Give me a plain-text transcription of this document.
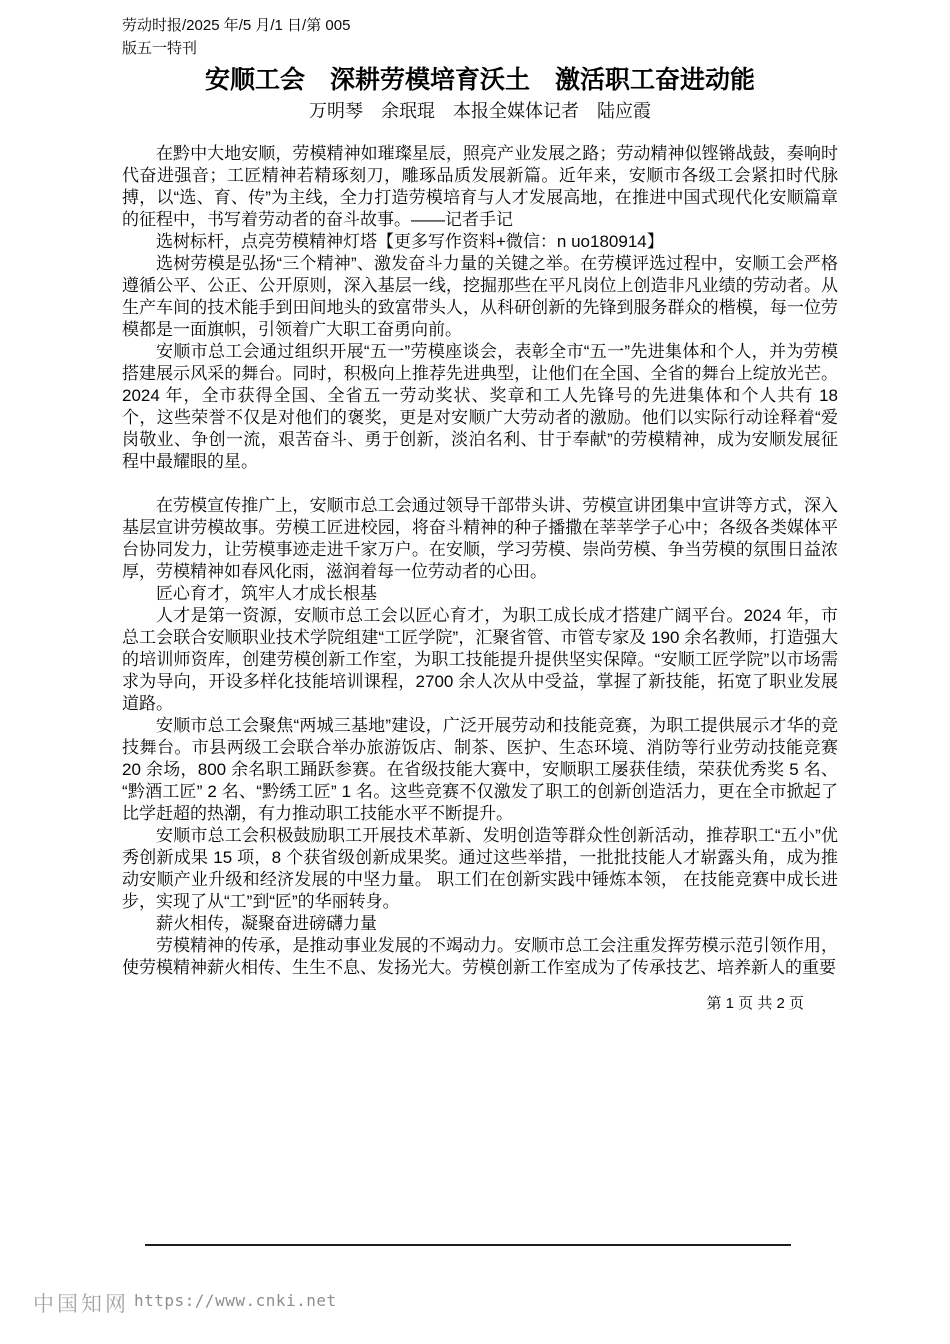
劳动时报/2025 年/5 月/1 日/第 005
版五一特刊
安顺工会　深耕劳模培育沃土　激活职工奋进动能
万明琴　余珉琨　本报全媒体记者　陆应霞

在黔中大地安顺，劳模精神如璀璨星辰，照亮产业发展之路；劳动精神似铿锵战鼓，奏响时代奋进强音；工匠精神若精琢刻刀，雕琢品质发展新篇。近年来，安顺市各级工会紧扣时代脉搏，以“选、育、传”为主线，全力打造劳模培育与人才发展高地，在推进中国式现代化安顺篇章的征程中，书写着劳动者的奋斗故事。——记者手记

选树标杆，点亮劳模精神灯塔【更多写作资料+微信：n uo180914】

选树劳模是弘扬“三个精神”、激发奋斗力量的关键之举。在劳模评选过程中，安顺工会严格遵循公平、公正、公开原则，深入基层一线，挖掘那些在平凡岗位上创造非凡业绩的劳动者。从生产车间的技术能手到田间地头的致富带头人，从科研创新的先锋到服务群众的楷模，每一位劳模都是一面旗帜，引领着广大职工奋勇向前。

安顺市总工会通过组织开展“五一”劳模座谈会，表彰全市“五一”先进集体和个人，并为劳模搭建展示风采的舞台。同时，积极向上推荐先进典型，让他们在全国、全省的舞台上绽放光芒。2024 年，全市获得全国、全省五一劳动奖状、奖章和工人先锋号的先进集体和个人共有 18 个，这些荣誉不仅是对他们的褒奖，更是对安顺广大劳动者的激励。他们以实际行动诠释着“爱岗敬业、争创一流，艰苦奋斗、勇于创新，淡泊名利、甘于奉献”的劳模精神，成为安顺发展征程中最耀眼的星。

在劳模宣传推广上，安顺市总工会通过领导干部带头讲、劳模宣讲团集中宣讲等方式，深入基层宣讲劳模故事。劳模工匠进校园，将奋斗精神的种子播撒在莘莘学子心中；各级各类媒体平台协同发力，让劳模事迹走进千家万户。在安顺，学习劳模、崇尚劳模、争当劳模的氛围日益浓厚，劳模精神如春风化雨，滋润着每一位劳动者的心田。

匠心育才，筑牢人才成长根基

人才是第一资源，安顺市总工会以匠心育才，为职工成长成才搭建广阔平台。2024 年，市总工会联合安顺职业技术学院组建“工匠学院”，汇聚省管、市管专家及 190 余名教师，打造强大的培训师资库，创建劳模创新工作室，为职工技能提升提供坚实保障。“安顺工匠学院”以市场需求为导向，开设多样化技能培训课程，2700 余人次从中受益，掌握了新技能，拓宽了职业发展道路。

安顺市总工会聚焦“两城三基地”建设，广泛开展劳动和技能竞赛，为职工提供展示才华的竞技舞台。市县两级工会联合举办旅游饭店、制茶、医护、生态环境、消防等行业劳动技能竞赛 20 余场，800 余名职工踊跃参赛。在省级技能大赛中，安顺职工屡获佳绩，荣获优秀奖 5 名、“黔酒工匠” 2 名、“黔绣工匠” 1 名。这些竞赛不仅激发了职工的创新创造活力，更在全市掀起了比学赶超的热潮，有力推动职工技能水平不断提升。

安顺市总工会积极鼓励职工开展技术革新、发明创造等群众性创新活动，推荐职工“五小”优秀创新成果 15 项，8 个获省级创新成果奖。通过这些举措，一批批技能人才崭露头角，成为推动安顺产业升级和经济发展的中坚力量。 职工们在创新实践中锤炼本领， 在技能竞赛中成长进步，实现了从“工”到“匠”的华丽转身。

薪火相传，凝聚奋进磅礴力量

劳模精神的传承，是推动事业发展的不竭动力。安顺市总工会注重发挥劳模示范引领作用，使劳模精神薪火相传、生生不息、发扬光大。劳模创新工作室成为了传承技艺、培养新人的重要

第 1 页 共 2 页
中国知网 https://www.cnki.net
